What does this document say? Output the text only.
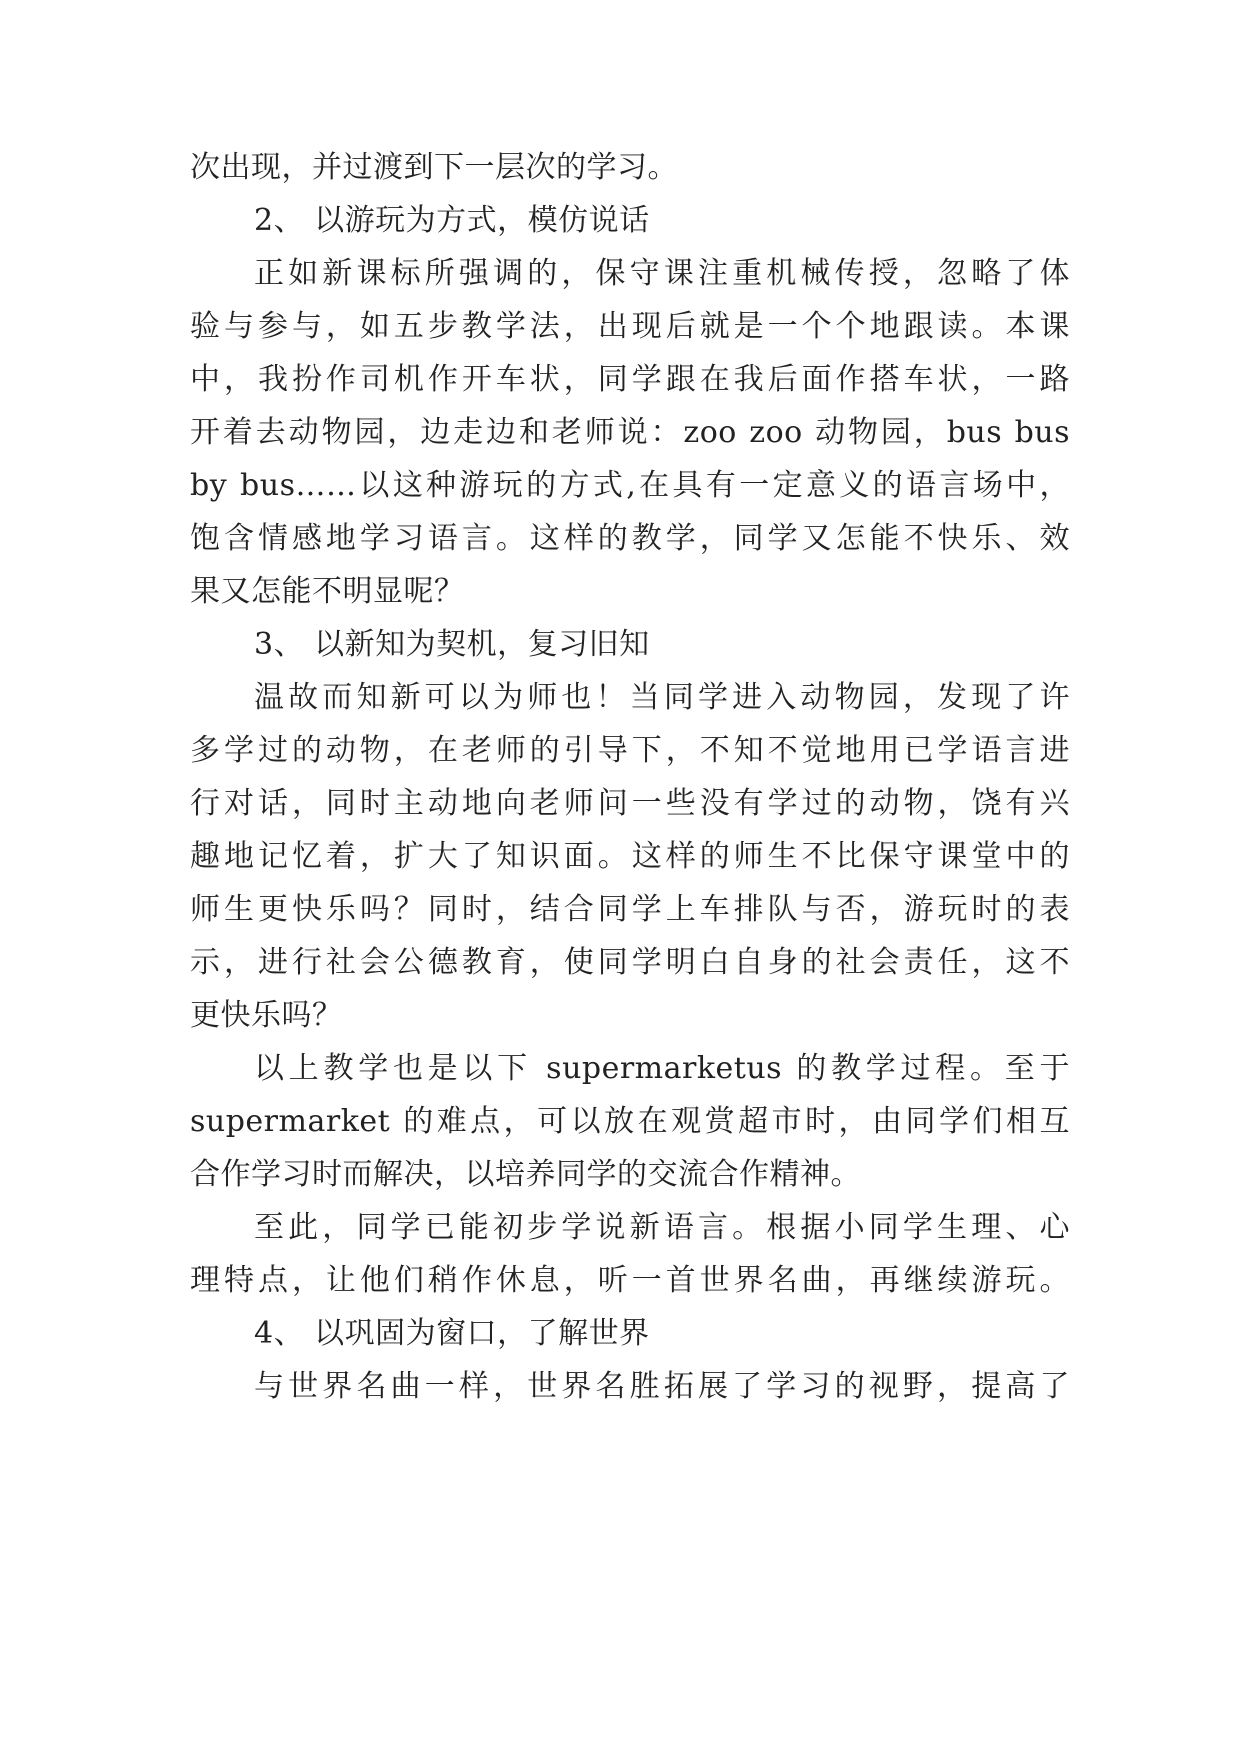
次出现，并过渡到下一层次的学习。
2、 以游玩为方式，模仿说话
正如新课标所强调的，保守课注重机械传授，忽略了体
验与参与，如五步教学法，出现后就是一个个地跟读。本课
中，我扮作司机作开车状，同学跟在我后面作搭车状，一路
开着去动物园，边走边和老师说：zoo zoo 动物园，bus bus
by bus……以这种游玩的方式,在具有一定意义的语言场中，
饱含情感地学习语言。这样的教学，同学又怎能不快乐、效
果又怎能不明显呢？
3、 以新知为契机，复习旧知
温故而知新可以为师也！当同学进入动物园，发现了许
多学过的动物，在老师的引导下，不知不觉地用已学语言进
行对话，同时主动地向老师问一些没有学过的动物，饶有兴
趣地记忆着，扩大了知识面。这样的师生不比保守课堂中的
师生更快乐吗？同时，结合同学上车排队与否，游玩时的表
示，进行社会公德教育，使同学明白自身的社会责任，这不
更快乐吗？
以上教学也是以下 supermarketus 的教学过程。至于
supermarket 的难点，可以放在观赏超市时，由同学们相互
合作学习时而解决，以培养同学的交流合作精神。
至此，同学已能初步学说新语言。根据小同学生理、心
理特点，让他们稍作休息，听一首世界名曲，再继续游玩。
4、 以巩固为窗口，了解世界
与世界名曲一样，世界名胜拓展了学习的视野，提高了
